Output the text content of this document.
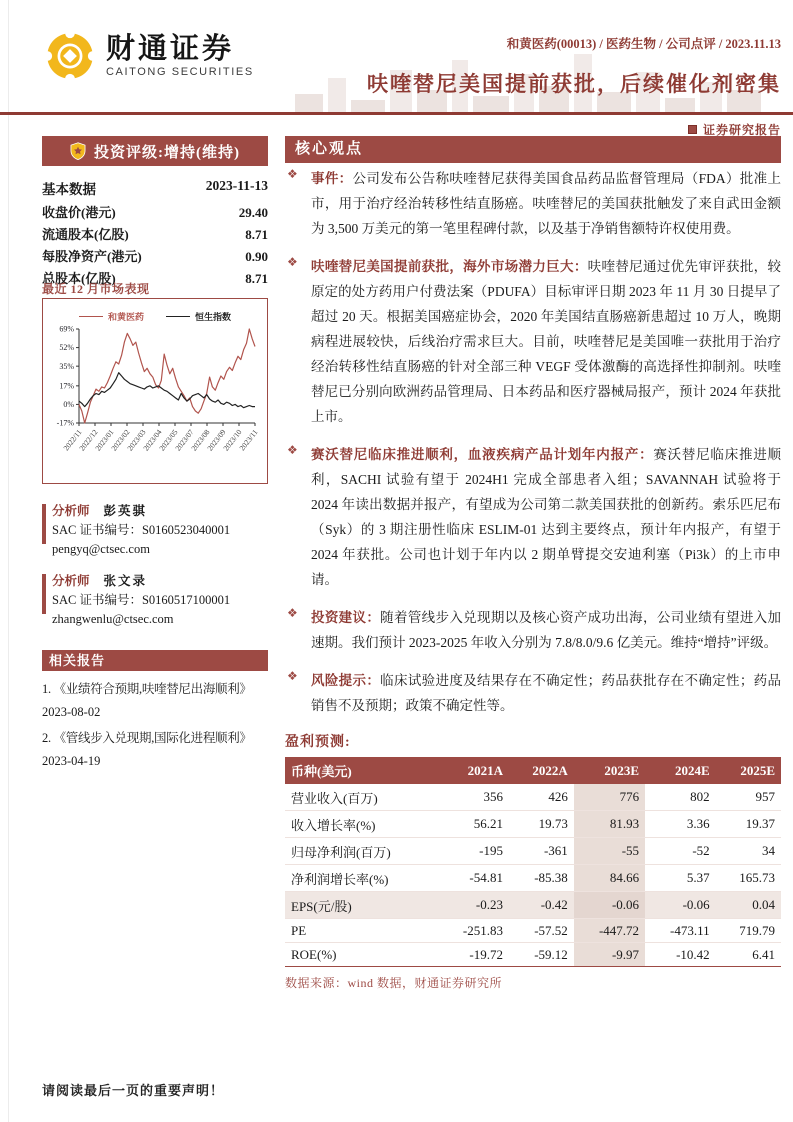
财通证券
CAITONG SECURITIES
和黄医药(00013) / 医药生物 / 公司点评 / 2023.11.13
呋喹替尼美国提前获批，后续催化剂密集
证券研究报告
投资评级:增持(维持)
基本数据	2023-11-13
收盘价(港元)	29.40
流通股本(亿股)	8.71
每股净资产(港元)	0.90
总股本(亿股)	8.71
最近 12 月市场表现
和黄医药	恒生指数
69%
52%
35%
17%
0%
-17%
2022/11
2022/12
2023/01
2023/02
2023/03
2023/04
2023/05
2023/07
2023/08
2023/09
2023/10
2023/11
分析师 彭英骐
SAC 证书编号：S0160523040001
pengyq@ctsec.com
分析师 张文录
SAC 证书编号：S0160517100001
zhangwenlu@ctsec.com
相关报告
1. 《业绩符合预期,呋喹替尼出海顺利》
2023-08-02
2. 《管线步入兑现期,国际化进程顺利》
2023-04-19
核心观点
❖ 事件：公司发布公告称呋喹替尼获得美国食品药品监督管理局（FDA）批准上市，用于治疗经治转移性结直肠癌。呋喹替尼的美国获批触发了来自武田金额为 3,500 万美元的第一笔里程碑付款，以及基于净销售额特许权使用费。
❖ 呋喹替尼美国提前获批，海外市场潜力巨大：呋喹替尼通过优先审评获批，较原定的处方药用户付费法案（PDUFA）目标审评日期 2023 年 11 月 30 日提早了超过 20 天。根据美国癌症协会，2020 年美国结直肠癌新患超过 10 万人，晚期病程进展较快，后线治疗需求巨大。目前，呋喹替尼是美国唯一获批用于治疗经治转移性结直肠癌的针对全部三种 VEGF 受体激酶的高选择性抑制剂。呋喹替尼已分别向欧洲药品管理局、日本药品和医疗器械局报产，预计 2024 年获批上市。
❖ 赛沃替尼临床推进顺利，血液疾病产品计划年内报产：赛沃替尼临床推进顺利，SACHI 试验有望于 2024H1 完成全部患者入组；SAVANNAH 试验将于 2024 年读出数据并报产，有望成为公司第二款美国获批的创新药。索乐匹尼布（Syk）的 3 期注册性临床 ESLIM-01 达到主要终点，预计年内报产，有望于 2024 年获批。公司也计划于年内以 2 期单臂提交安迪利塞（Pi3k）的上市申请。
❖ 投资建议：随着管线步入兑现期以及核心资产成功出海，公司业绩有望进入加速期。我们预计 2023-2025 年收入分别为 7.8/8.0/9.6 亿美元。维持“增持”评级。
❖ 风险提示：临床试验进度及结果存在不确定性；药品获批存在不确定性；药品销售不及预期；政策不确定性等。
盈利预测:
币种(美元)	2021A	2022A	2023E	2024E	2025E
营业收入(百万)	356	426	776	802	957
收入增长率(%)	56.21	19.73	81.93	3.36	19.37
归母净利润(百万)	-195	-361	-55	-52	34
净利润增长率(%)	-54.81	-85.38	84.66	5.37	165.73
EPS(元/股)	-0.23	-0.42	-0.06	-0.06	0.04
PE	-251.83	-57.52	-447.72	-473.11	719.79
ROE(%)	-19.72	-59.12	-9.97	-10.42	6.41
数据来源：wind 数据，财通证券研究所
请阅读最后一页的重要声明！
